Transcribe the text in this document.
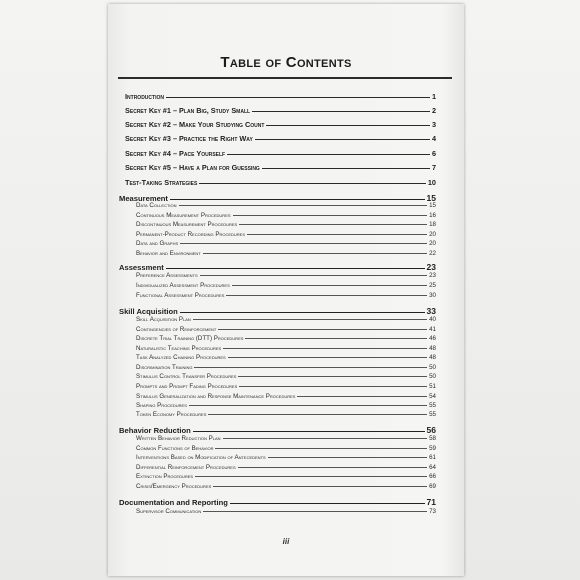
Table of Contents
Introduction	1
Secret Key #1 – Plan Big, Study Small	2
Secret Key #2 – Make Your Studying Count	3
Secret Key #3 – Practice the Right Way	4
Secret Key #4 – Pace Yourself	6
Secret Key #5 – Have a Plan for Guessing	7
Test-Taking Strategies	10
Measurement	15
Data Collection	15
Continuous Measurement Procedures	16
Discontinuous Measurement Procedures	18
Permanent-Product Recording Procedures	20
Data and Graphs	20
Behavior and Environment	22
Assessment	23
Preference Assessments	23
Individualized Assessment Procedures	25
Functional Assessment Procedures	30
Skill Acquisition	33
Skill Acquisition Plan	40
Contingencies of Reinforcement	41
Discrete Trial Training (DTT) Procedures	46
Naturalistic Teaching Procedures	48
Task Analyzed Chaining Procedures	48
Discrimination Training	50
Stimulus Control Transfer Procedures	50
Prompts and Prompt Fading Procedures	51
Stimulus Generalization and Response Maintenance Procedures	54
Shaping Procedures	55
Token Economy Procedures	55
Behavior Reduction	56
Written Behavior Reduction Plan	58
Common Functions of Behavior	59
Interventions Based on Modification of Antecedents	61
Differential Reinforcement Procedures	64
Extinction Procedures	66
Crisis/Emergency Procedures	69
Documentation and Reporting	71
Supervisor Communication	73
iii
